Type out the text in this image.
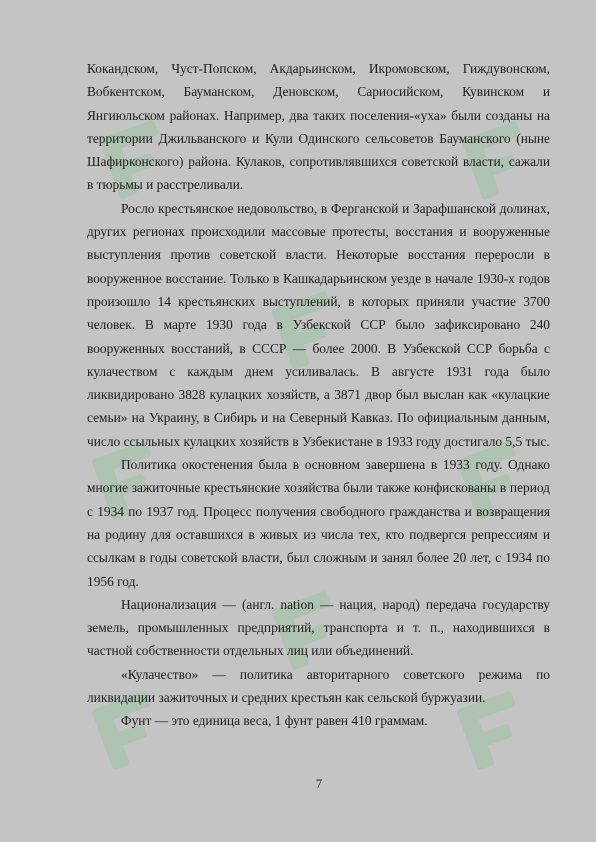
Кокандском, Чуст-Попском, Акдарьинском, Икромовском, Гиждувонском, Вобкентском, Бауманском, Деновском, Сариосийском, Кувинском и Янгиюльском районах. Например, два таких поселения-«уха» были созданы на территории Джильванского и Кули Одинского сельсоветов Бауманского (ныне Шафирконского) района. Кулаков, сопротивлявшихся советской власти, сажали в тюрьмы и расстреливали.

Росло крестьянское недовольство, в Ферганской и Зарафшанской долинах, других регионах происходили массовые протесты, восстания и вооруженные выступления против советской власти. Некоторые восстания переросли в вооруженное восстание. Только в Кашкадарьинском уезде в начале 1930-х годов произошло 14 крестьянских выступлений, в которых приняли участие 3700 человек. В марте 1930 года в Узбекской ССР было зафиксировано 240 вооруженных восстаний, в СССР — более 2000. В Узбекской ССР борьба с кулачеством с каждым днем усиливалась. В августе 1931 года было ликвидировано 3828 кулацких хозяйств, а 3871 двор был выслан как «кулацкие семьи» на Украину, в Сибирь и на Северный Кавказ. По официальным данным, число ссыльных кулацких хозяйств в Узбекистане в 1933 году достигало 5,5 тыс.

Политика окостенения была в основном завершена в 1933 году. Однако многие зажиточные крестьянские хозяйства были также конфискованы в период с 1934 по 1937 год. Процесс получения свободного гражданства и возвращения на родину для оставшихся в живых из числа тех, кто подвергся репрессиям и ссылкам в годы советской власти, был сложным и занял более 20 лет, с 1934 по 1956 год.

Национализация — (англ. nation — нация, народ) передача государству земель, промышленных предприятий, транспорта и т. п., находившихся в частной собственности отдельных лиц или объединений.

«Кулачество» — политика авторитарного советского режима по ликвидации зажиточных и средних крестьян как сельской буржуазии.

Фунт — это единица веса, 1 фунт равен 410 граммам.

7
